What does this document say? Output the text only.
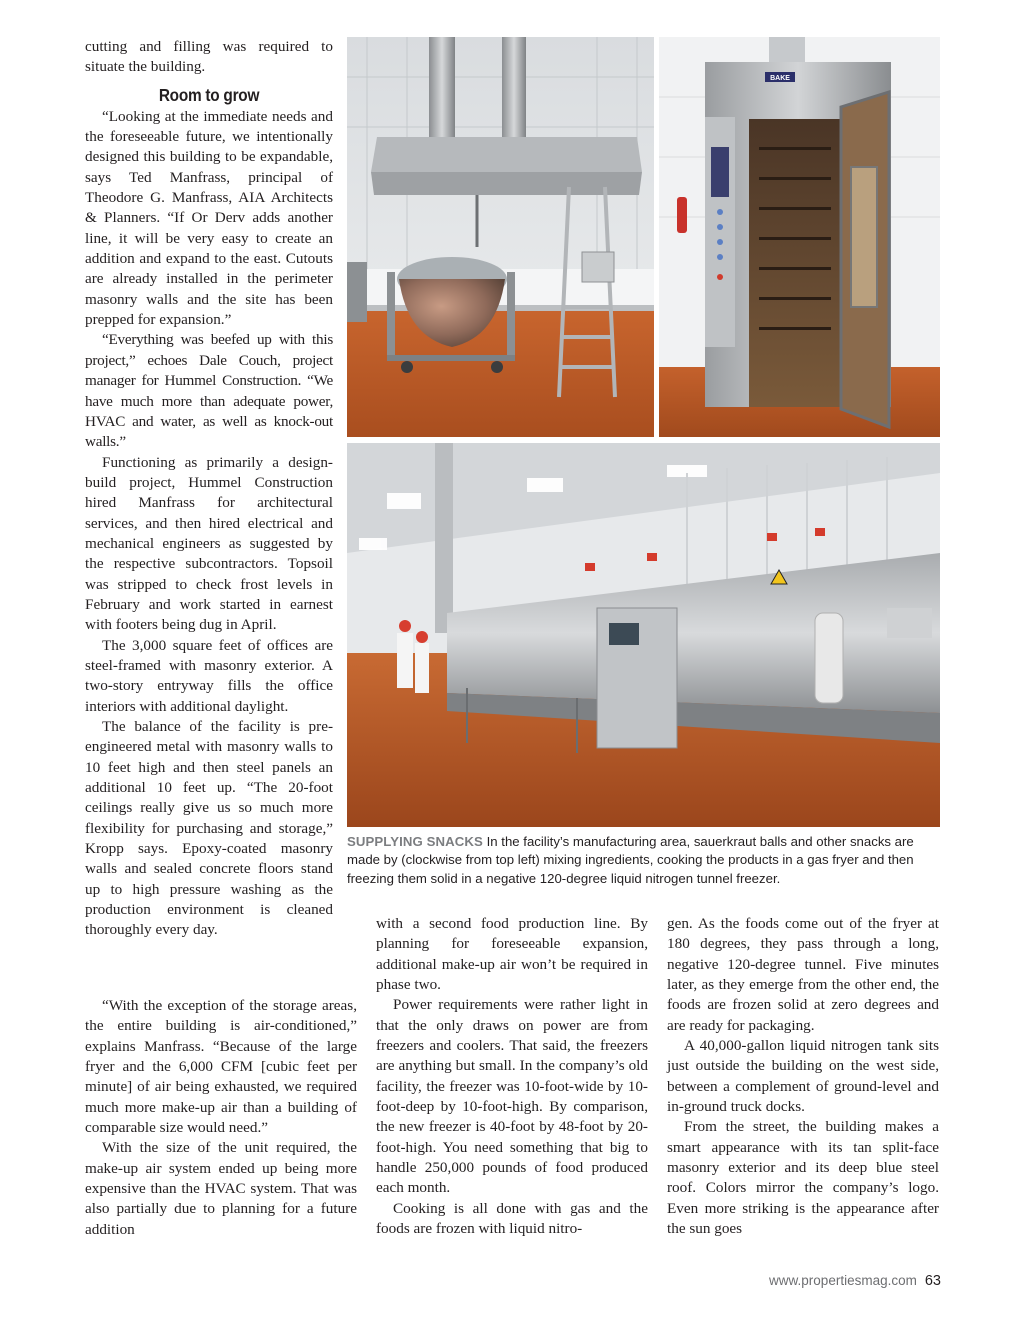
cutting and filling was required to situate the building.

Room to grow

“Looking at the immediate needs and the foreseeable future, we intentionally designed this building to be expandable, says Ted Manfrass, principal of Theodore G. Manfrass, AIA Architects & Planners. “If Or Derv adds another line, it will be very easy to create an addition and expand to the east. Cutouts are already installed in the perimeter masonry walls and the site has been prepped for expansion.”

“Everything was beefed up with this project,” echoes Dale Couch, project manager for Hummel Construction. “We have much more than adequate power, HVAC and water, as well as knock-out walls.”

Functioning as primarily a design-build project, Hummel Construction hired Manfrass for architectural services, and then hired electrical and mechanical engineers as suggested by the respective subcontractors. Topsoil was stripped to check frost levels in February and work started in earnest with footers being dug in April.

The 3,000 square feet of offices are steel-framed with masonry exterior. A two-story entryway fills the office interiors with additional daylight.

The balance of the facility is pre-engineered metal with masonry walls to 10 feet high and then steel panels an additional 10 feet up. “The 20-foot ceilings really give us so much more flexibility for purchasing and storage,” Kropp says. Epoxy-coated masonry walls and sealed concrete floors stand up to high pressure washing as the production environment is cleaned thoroughly every day.

“With the exception of the storage areas, the entire building is air-conditioned,” explains Manfrass. “Because of the large fryer and the 6,000 CFM [cubic feet per minute] of air being exhausted, we required much more make-up air than a building of comparable size would need.”

With the size of the unit required, the make-up air system ended up being more expensive than the HVAC system. That was also partially due to planning for a future addition

with a second food production line. By planning for foreseeable expansion, additional make-up air won’t be required in phase two.

Power requirements were rather light in that the only draws on power are from freezers and coolers. That said, the freezers are anything but small. In the company’s old facility, the freezer was 10-foot-wide by 10-foot-deep by 10-foot-high. By comparison, the new freezer is 40-foot by 48-foot by 20-foot-high. You need something that big to handle 250,000 pounds of food produced each month.

Cooking is all done with gas and the foods are frozen with liquid nitro-

gen. As the foods come out of the fryer at 180 degrees, they pass through a long, negative 120-degree tunnel. Five minutes later, as they emerge from the other end, the foods are frozen solid at zero degrees and are ready for packaging.

A 40,000-gallon liquid nitrogen tank sits just outside the building on the west side, between a complement of ground-level and in-ground truck docks.

From the street, the building makes a smart appearance with its tan split-face masonry exterior and its deep blue steel roof. Colors mirror the company’s logo. Even more striking is the appearance after the sun goes

BAKE
SUPPLYING SNACKS In the facility’s manufacturing area, sauerkraut balls and other snacks are made by (clockwise from top left) mixing ingredients, cooking the products in a gas fryer and then freezing them solid in a negative 120-degree liquid nitrogen tunnel freezer.
www.propertiesmag.com 63
